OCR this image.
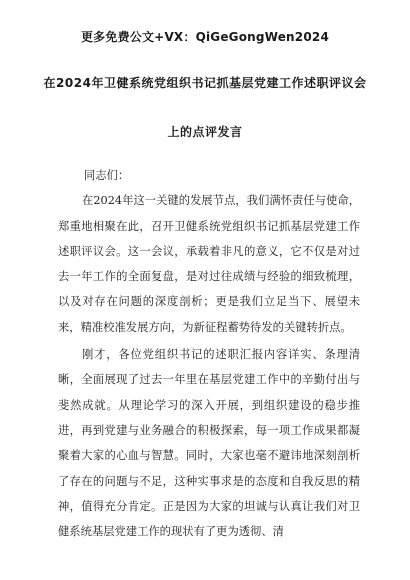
更多免费公文+VX：QiGeGongWen2024
在2024年卫健系统党组织书记抓基层党建工作述职评议会
上的点评发言

同志们：

在2024年这一关键的发展节点，我们满怀责任与使命，郑重地相聚在此，召开卫健系统党组织书记抓基层党建工作述职评议会。这一会议，承载着非凡的意义，它不仅是对过去一年工作的全面复盘，是对过往成绩与经验的细致梳理，以及对存在问题的深度剖析；更是我们立足当下、展望未来，精准校准发展方向，为新征程蓄势待发的关键转折点。

刚才，各位党组织书记的述职汇报内容详实、条理清晰，全面展现了过去一年里在基层党建工作中的辛勤付出与斐然成就。从理论学习的深入开展，到组织建设的稳步推进，再到党建与业务融合的积极探索，每一项工作成果都凝聚着大家的心血与智慧。同时，大家也毫不避讳地深刻剖析了存在的问题与不足，这种实事求是的态度和自我反思的精神，值得充分肯定。正是因为大家的坦诚与认真让我们对卫健系统基层党建工作的现状有了更为透彻、清
